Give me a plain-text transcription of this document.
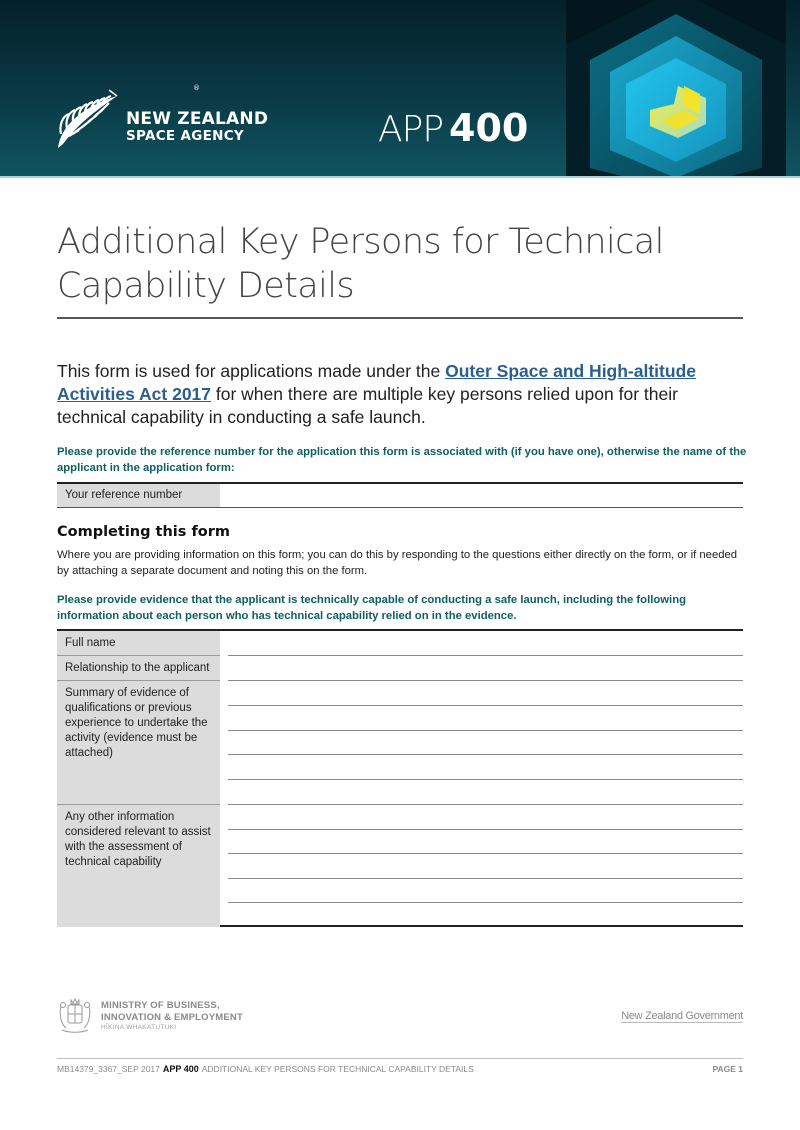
®
NEW ZEALAND
SPACE AGENCY	APP 400
Additional Key Persons for Technical Capability Details

This form is used for applications made under the Outer Space and High-altitude Activities Act 2017 for when there are multiple key persons relied upon for their technical capability in conducting a safe launch.

Please provide the reference number for the application this form is associated with (if you have one), otherwise the name of the applicant in the application form:

Your reference number
Completing this form

Where you are providing information on this form; you can do this by responding to the questions either directly on the form, or if needed by attaching a separate document and noting this on the form.

Please provide evidence that the applicant is technically capable of conducting a safe launch, including the following information about each person who has technical capability relied on in the evidence.

Full name
Relationship to the applicant
Summary of evidence of qualifications or previous experience to undertake the activity (evidence must be attached)
Any other information considered relevant to assist with the assessment of technical capability
MINISTRY OF BUSINESS,
INNOVATION & EMPLOYMENT
HĪKINA WHAKATUTUKI
New Zealand Government
MB14379_3367_SEP 2017 APP 400 ADDITIONAL KEY PERSONS FOR TECHNICAL CAPABILITY DETAILS	PAGE 1
